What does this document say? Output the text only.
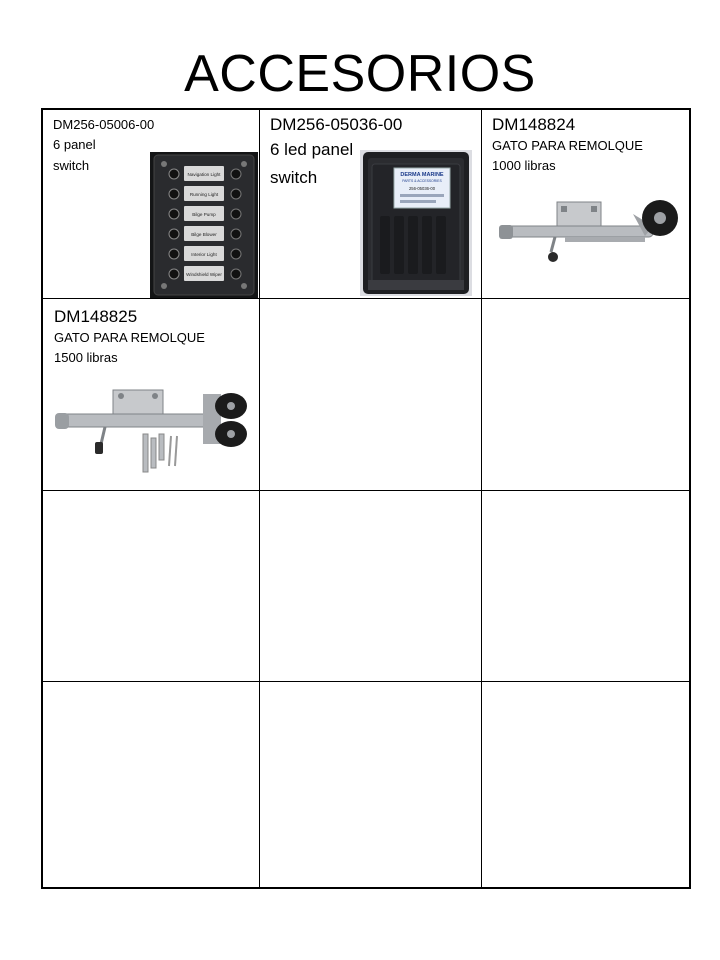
ACCESORIOS
DM256-05006-00
6 panel
switch
Navigation Light
Running Light
Bilge Pump
Bilge Blower
Interior Light
Windshield Wiper
DM256-05036-00
6 led panel
switch	DERMA MARINE
PARTS & ACCESSORIES
256-05036-00
DM148824
GATO PARA REMOLQUE
1000 libras
DM148825
GATO PARA REMOLQUE
1500 libras
